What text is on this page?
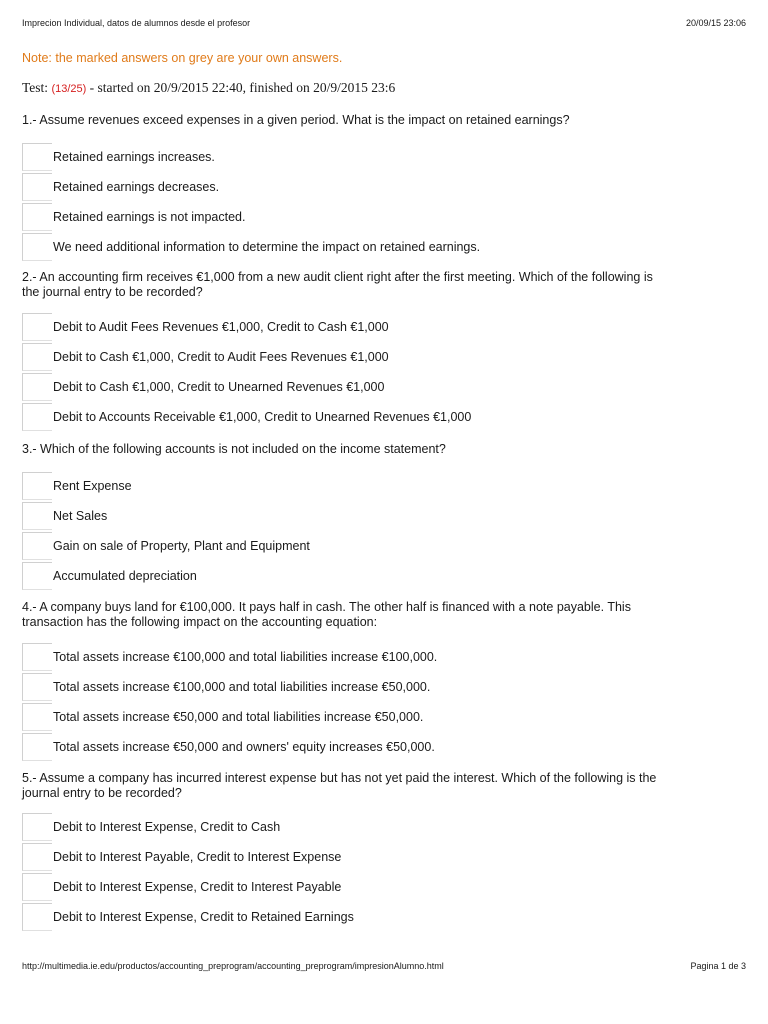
Imprecion Individual, datos de alumnos desde el profesor	20/09/15 23:06
Note: the marked answers on grey are your own answers.
Test: (13/25) - started on 20/9/2015 22:40, finished on 20/9/2015 23:6
1.- Assume revenues exceed expenses in a given period. What is the impact on retained earnings?
Retained earnings increases.
Retained earnings decreases.
Retained earnings is not impacted.
We need additional information to determine the impact on retained earnings.
2.- An accounting firm receives €1,000 from a new audit client right after the first meeting. Which of the following is the journal entry to be recorded?
Debit to Audit Fees Revenues €1,000, Credit to Cash €1,000
Debit to Cash €1,000, Credit to Audit Fees Revenues €1,000
Debit to Cash €1,000, Credit to Unearned Revenues €1,000
Debit to Accounts Receivable €1,000, Credit to Unearned Revenues €1,000
3.- Which of the following accounts is not included on the income statement?
Rent Expense
Net Sales
Gain on sale of Property, Plant and Equipment
Accumulated depreciation
4.- A company buys land for €100,000. It pays half in cash. The other half is financed with a note payable. This transaction has the following impact on the accounting equation:
Total assets increase €100,000 and total liabilities increase €100,000.
Total assets increase €100,000 and total liabilities increase €50,000.
Total assets increase €50,000 and total liabilities increase €50,000.
Total assets increase €50,000 and owners' equity increases €50,000.
5.- Assume a company has incurred interest expense but has not yet paid the interest. Which of the following is the journal entry to be recorded?
Debit to Interest Expense, Credit to Cash
Debit to Interest Payable, Credit to Interest Expense
Debit to Interest Expense, Credit to Interest Payable
Debit to Interest Expense, Credit to Retained Earnings
http://multimedia.ie.edu/productos/accounting_preprogram/accounting_preprogram/impresionAlumno.html	Pagina 1 de 3
